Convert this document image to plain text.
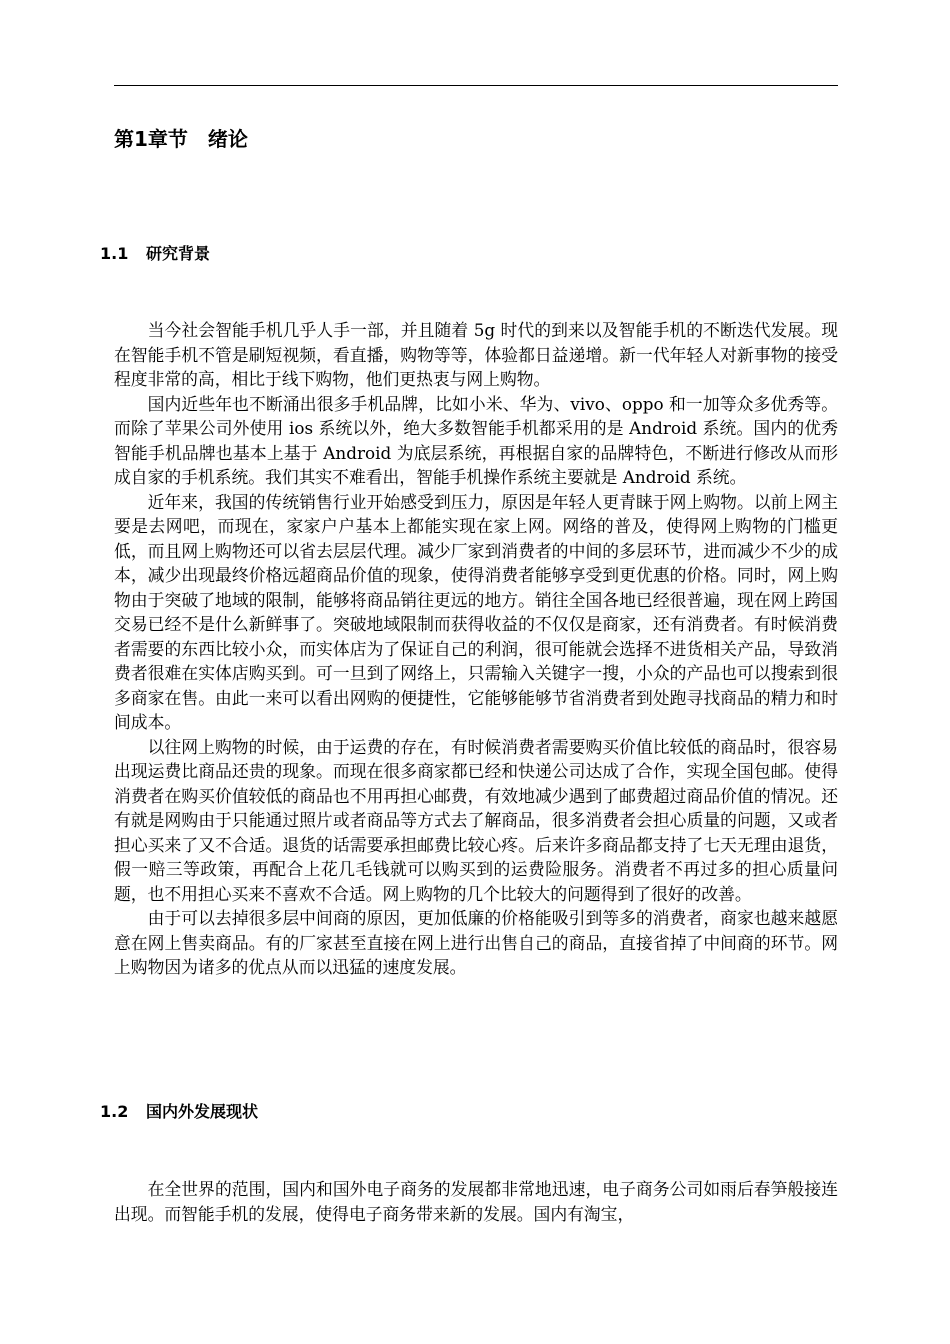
第1章节　绪论
1.1 研究背景

当今社会智能手机几乎人手一部，并且随着 5g 时代的到来以及智能手机的不断迭代发展。现在智能手机不管是刷短视频，看直播，购物等等，体验都日益递增。新一代年轻人对新事物的接受程度非常的高，相比于线下购物，他们更热衷与网上购物。

国内近些年也不断涌出很多手机品牌，比如小米、华为、vivo、oppo 和一加等众多优秀等。而除了苹果公司外使用 ios 系统以外，绝大多数智能手机都采用的是 Android 系统。国内的优秀智能手机品牌也基本上基于 Android 为底层系统，再根据自家的品牌特色，不断进行修改从而形成自家的手机系统。我们其实不难看出，智能手机操作系统主要就是 Android 系统。

近年来，我国的传统销售行业开始感受到压力，原因是年轻人更青睐于网上购物。以前上网主要是去网吧，而现在，家家户户基本上都能实现在家上网。网络的普及，使得网上购物的门槛更低，而且网上购物还可以省去层层代理。减少厂家到消费者的中间的多层环节，进而减少不少的成本，减少出现最终价格远超商品价值的现象，使得消费者能够享受到更优惠的价格。同时，网上购物由于突破了地域的限制，能够将商品销往更远的地方。销往全国各地已经很普遍，现在网上跨国交易已经不是什么新鲜事了。突破地域限制而获得收益的不仅仅是商家，还有消费者。有时候消费者需要的东西比较小众，而实体店为了保证自己的利润，很可能就会选择不进货相关产品，导致消费者很难在实体店购买到。可一旦到了网络上，只需输入关键字一搜，小众的产品也可以搜索到很多商家在售。由此一来可以看出网购的便捷性，它能够能够节省消费者到处跑寻找商品的精力和时间成本。

以往网上购物的时候，由于运费的存在，有时候消费者需要购买价值比较低的商品时，很容易出现运费比商品还贵的现象。而现在很多商家都已经和快递公司达成了合作，实现全国包邮。使得消费者在购买价值较低的商品也不用再担心邮费，有效地减少遇到了邮费超过商品价值的情况。还有就是网购由于只能通过照片或者商品等方式去了解商品，很多消费者会担心质量的问题，又或者担心买来了又不合适。退货的话需要承担邮费比较心疼。后来许多商品都支持了七天无理由退货，假一赔三等政策，再配合上花几毛钱就可以购买到的运费险服务。消费者不再过多的担心质量问题，也不用担心买来不喜欢不合适。网上购物的几个比较大的问题得到了很好的改善。

由于可以去掉很多层中间商的原因，更加低廉的价格能吸引到等多的消费者，商家也越来越愿意在网上售卖商品。有的厂家甚至直接在网上进行出售自己的商品，直接省掉了中间商的环节。网上购物因为诸多的优点从而以迅猛的速度发展。

1.2 国内外发展现状

在全世界的范围，国内和国外电子商务的发展都非常地迅速，电子商务公司如雨后春笋般接连出现。而智能手机的发展，使得电子商务带来新的发展。国内有淘宝，
